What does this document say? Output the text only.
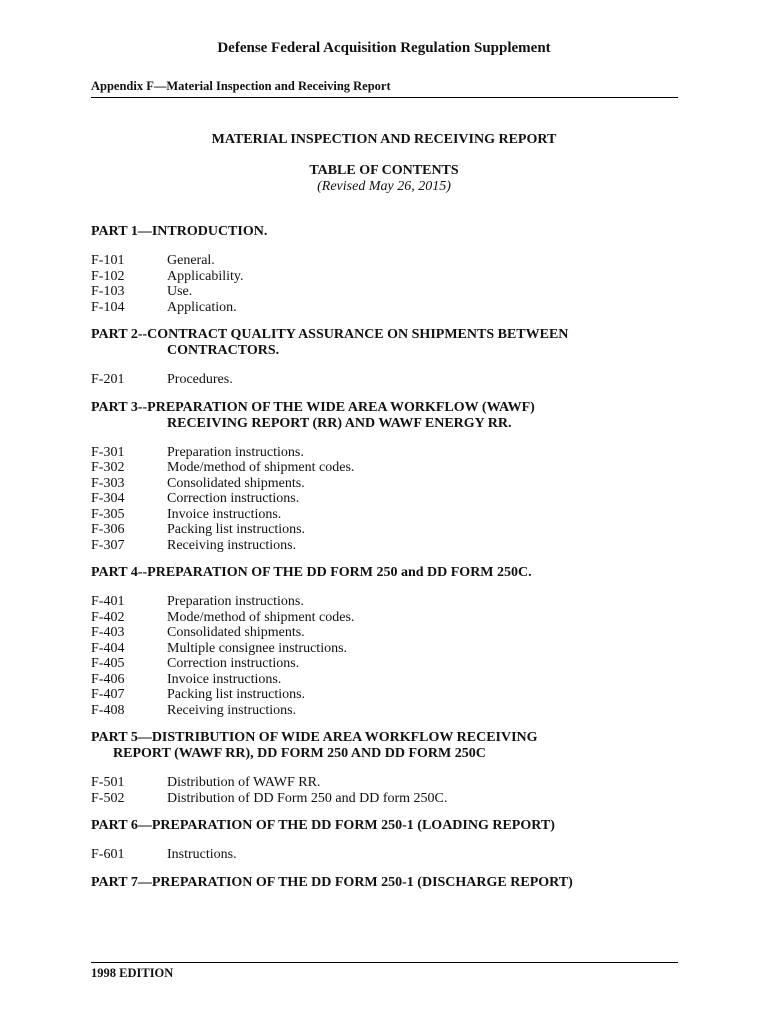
Defense Federal Acquisition Regulation Supplement
Appendix F—Material Inspection and Receiving Report
MATERIAL INSPECTION AND RECEIVING REPORT
TABLE OF CONTENTS
(Revised May 26, 2015)
PART 1—INTRODUCTION.
F-101	General.
F-102	Applicability.
F-103	Use.
F-104	Application.
PART 2--CONTRACT QUALITY ASSURANCE ON SHIPMENTS BETWEEN
CONTRACTORS.
F-201	Procedures.
PART 3--PREPARATION OF THE WIDE AREA WORKFLOW (WAWF)
RECEIVING REPORT (RR) AND WAWF ENERGY RR.
F-301	Preparation instructions.
F-302	Mode/method of shipment codes.
F-303	Consolidated shipments.
F-304	Correction instructions.
F-305	Invoice instructions.
F-306	Packing list instructions.
F-307	Receiving instructions.
PART 4--PREPARATION OF THE DD FORM 250 and DD FORM 250C.
F-401	Preparation instructions.
F-402	Mode/method of shipment codes.
F-403	Consolidated shipments.
F-404	Multiple consignee instructions.
F-405	Correction instructions.
F-406	Invoice instructions.
F-407	Packing list instructions.
F-408	Receiving instructions.
PART 5—DISTRIBUTION OF WIDE AREA WORKFLOW RECEIVING
REPORT (WAWF RR), DD FORM 250 AND DD FORM 250C
F-501	Distribution of WAWF RR.
F-502	Distribution of DD Form 250 and DD form 250C.
PART 6—PREPARATION OF THE DD FORM 250-1 (LOADING REPORT)
F-601	Instructions.
PART 7—PREPARATION OF THE DD FORM 250-1 (DISCHARGE REPORT)
1998 EDITION
